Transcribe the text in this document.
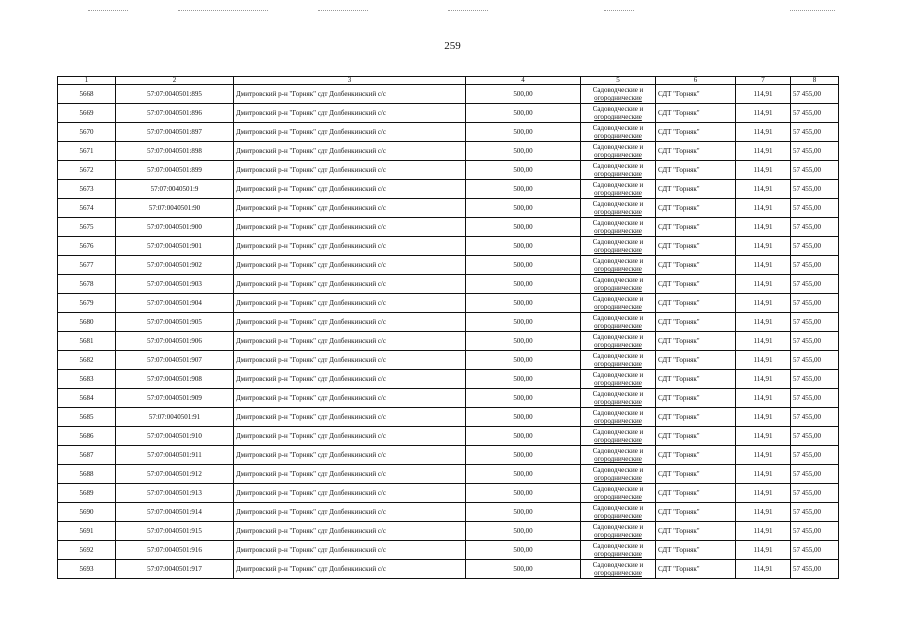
259
1	2	3	4	5	6	7	8
5668	57:07:0040501:895	Дмитровский р-н "Горняк" сдт Долбенкинский с/с	500,00	Садоводческие и
огороднические	СДТ "Горняк"	114,91	57 455,00
5669	57:07:0040501:896	Дмитровский р-н "Горняк" сдт Долбенкинский с/с	500,00	Садоводческие и
огороднические	СДТ "Горняк"	114,91	57 455,00
5670	57:07:0040501:897	Дмитровский р-н "Горняк" сдт Долбенкинский с/с	500,00	Садоводческие и
огороднические	СДТ "Горняк"	114,91	57 455,00
5671	57:07:0040501:898	Дмитровский р-н "Горняк" сдт Долбенкинский с/с	500,00	Садоводческие и
огороднические	СДТ "Горняк"	114,91	57 455,00
5672	57:07:0040501:899	Дмитровский р-н "Горняк" сдт Долбенкинский с/с	500,00	Садоводческие и
огороднические	СДТ "Горняк"	114,91	57 455,00
5673	57:07:0040501:9	Дмитровский р-н "Горняк" сдт Долбенкинский с/с	500,00	Садоводческие и
огороднические	СДТ "Горняк"	114,91	57 455,00
5674	57:07:0040501:90	Дмитровский р-н "Горняк" сдт Долбенкинский с/с	500,00	Садоводческие и
огороднические	СДТ "Горняк"	114,91	57 455,00
5675	57:07:0040501:900	Дмитровский р-н "Горняк" сдт Долбенкинский с/с	500,00	Садоводческие и
огороднические	СДТ "Горняк"	114,91	57 455,00
5676	57:07:0040501:901	Дмитровский р-н "Горняк" сдт Долбенкинский с/с	500,00	Садоводческие и
огороднические	СДТ "Горняк"	114,91	57 455,00
5677	57:07:0040501:902	Дмитровский р-н "Горняк" сдт Долбенкинский с/с	500,00	Садоводческие и
огороднические	СДТ "Горняк"	114,91	57 455,00
5678	57:07:0040501:903	Дмитровский р-н "Горняк" сдт Долбенкинский с/с	500,00	Садоводческие и
огороднические	СДТ "Горняк"	114,91	57 455,00
5679	57:07:0040501:904	Дмитровский р-н "Горняк" сдт Долбенкинский с/с	500,00	Садоводческие и
огороднические	СДТ "Горняк"	114,91	57 455,00
5680	57:07:0040501:905	Дмитровский р-н "Горняк" сдт Долбенкинский с/с	500,00	Садоводческие и
огороднические	СДТ "Горняк"	114,91	57 455,00
5681	57:07:0040501:906	Дмитровский р-н "Горняк" сдт Долбенкинский с/с	500,00	Садоводческие и
огороднические	СДТ "Горняк"	114,91	57 455,00
5682	57:07:0040501:907	Дмитровский р-н "Горняк" сдт Долбенкинский с/с	500,00	Садоводческие и
огороднические	СДТ "Горняк"	114,91	57 455,00
5683	57:07:0040501:908	Дмитровский р-н "Горняк" сдт Долбенкинский с/с	500,00	Садоводческие и
огороднические	СДТ "Горняк"	114,91	57 455,00
5684	57:07:0040501:909	Дмитровский р-н "Горняк" сдт Долбенкинский с/с	500,00	Садоводческие и
огороднические	СДТ "Горняк"	114,91	57 455,00
5685	57:07:0040501:91	Дмитровский р-н "Горняк" сдт Долбенкинский с/с	500,00	Садоводческие и
огороднические	СДТ "Горняк"	114,91	57 455,00
5686	57:07:0040501:910	Дмитровский р-н "Горняк" сдт Долбенкинский с/с	500,00	Садоводческие и
огороднические	СДТ "Горняк"	114,91	57 455,00
5687	57:07:0040501:911	Дмитровский р-н "Горняк" сдт Долбенкинский с/с	500,00	Садоводческие и
огороднические	СДТ "Горняк"	114,91	57 455,00
5688	57:07:0040501:912	Дмитровский р-н "Горняк" сдт Долбенкинский с/с	500,00	Садоводческие и
огороднические	СДТ "Горняк"	114,91	57 455,00
5689	57:07:0040501:913	Дмитровский р-н "Горняк" сдт Долбенкинский с/с	500,00	Садоводческие и
огороднические	СДТ "Горняк"	114,91	57 455,00
5690	57:07:0040501:914	Дмитровский р-н "Горняк" сдт Долбенкинский с/с	500,00	Садоводческие и
огороднические	СДТ "Горняк"	114,91	57 455,00
5691	57:07:0040501:915	Дмитровский р-н "Горняк" сдт Долбенкинский с/с	500,00	Садоводческие и
огороднические	СДТ "Горняк"	114,91	57 455,00
5692	57:07:0040501:916	Дмитровский р-н "Горняк" сдт Долбенкинский с/с	500,00	Садоводческие и
огороднические	СДТ "Горняк"	114,91	57 455,00
5693	57:07:0040501:917	Дмитровский р-н "Горняк" сдт Долбенкинский с/с	500,00	Садоводческие и
огороднические	СДТ "Горняк"	114,91	57 455,00
